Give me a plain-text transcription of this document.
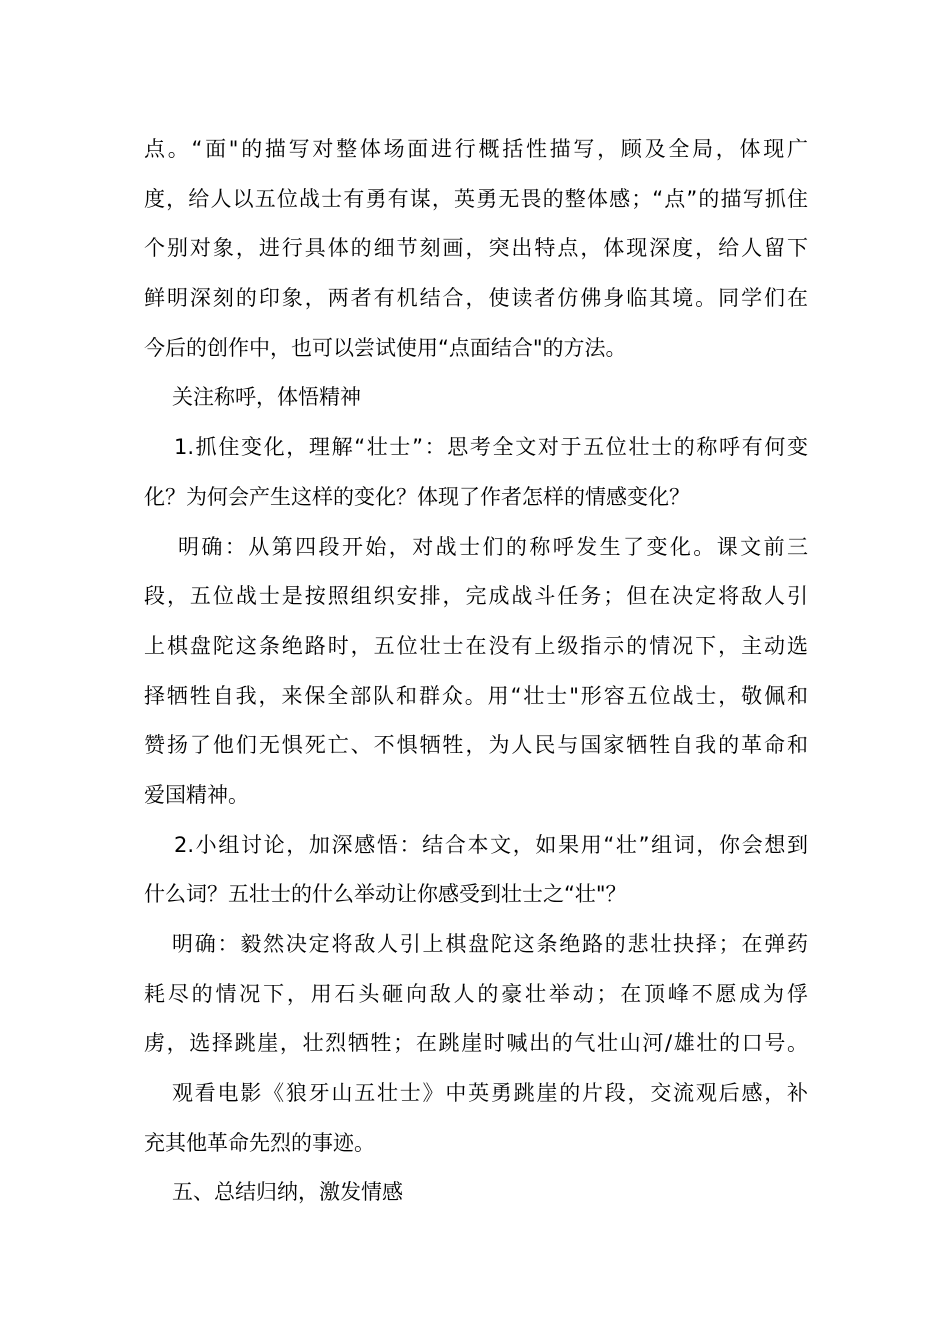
点。“面"的描写对整体场面进行概括性描写，顾及全局，体现广
度，给人以五位战士有勇有谋，英勇无畏的整体感；“点”的描写抓住
个别对象，进行具体的细节刻画，突出特点，体现深度，给人留下
鲜明深刻的印象，两者有机结合，使读者仿佛身临其境。同学们在
今后的创作中，也可以尝试使用“点面结合"的方法。
关注称呼，体悟精神
1.抓住变化，理解“壮士”：思考全文对于五位壮士的称呼有何变
化？为何会产生这样的变化？体现了作者怎样的情感变化？
明确：从第四段开始，对战士们的称呼发生了变化。课文前三
段，五位战士是按照组织安排，完成战斗任务；但在决定将敌人引
上棋盘陀这条绝路时，五位壮士在没有上级指示的情况下，主动选
择牺牲自我，来保全部队和群众。用“壮士"形容五位战士，敬佩和
赞扬了他们无惧死亡、不惧牺牲，为人民与国家牺牲自我的革命和
爱国精神。
2.小组讨论，加深感悟：结合本文，如果用“壮”组词，你会想到
什么词？五壮士的什么举动让你感受到壮士之“壮"？
明确：毅然决定将敌人引上棋盘陀这条绝路的悲壮抉择；在弹药
耗尽的情况下，用石头砸向敌人的豪壮举动；在顶峰不愿成为俘
虏，选择跳崖，壮烈牺牲；在跳崖时喊出的气壮山河/雄壮的口号。
观看电影《狼牙山五壮士》中英勇跳崖的片段，交流观后感，补
充其他革命先烈的事迹。
五、总结归纳，激发情感
